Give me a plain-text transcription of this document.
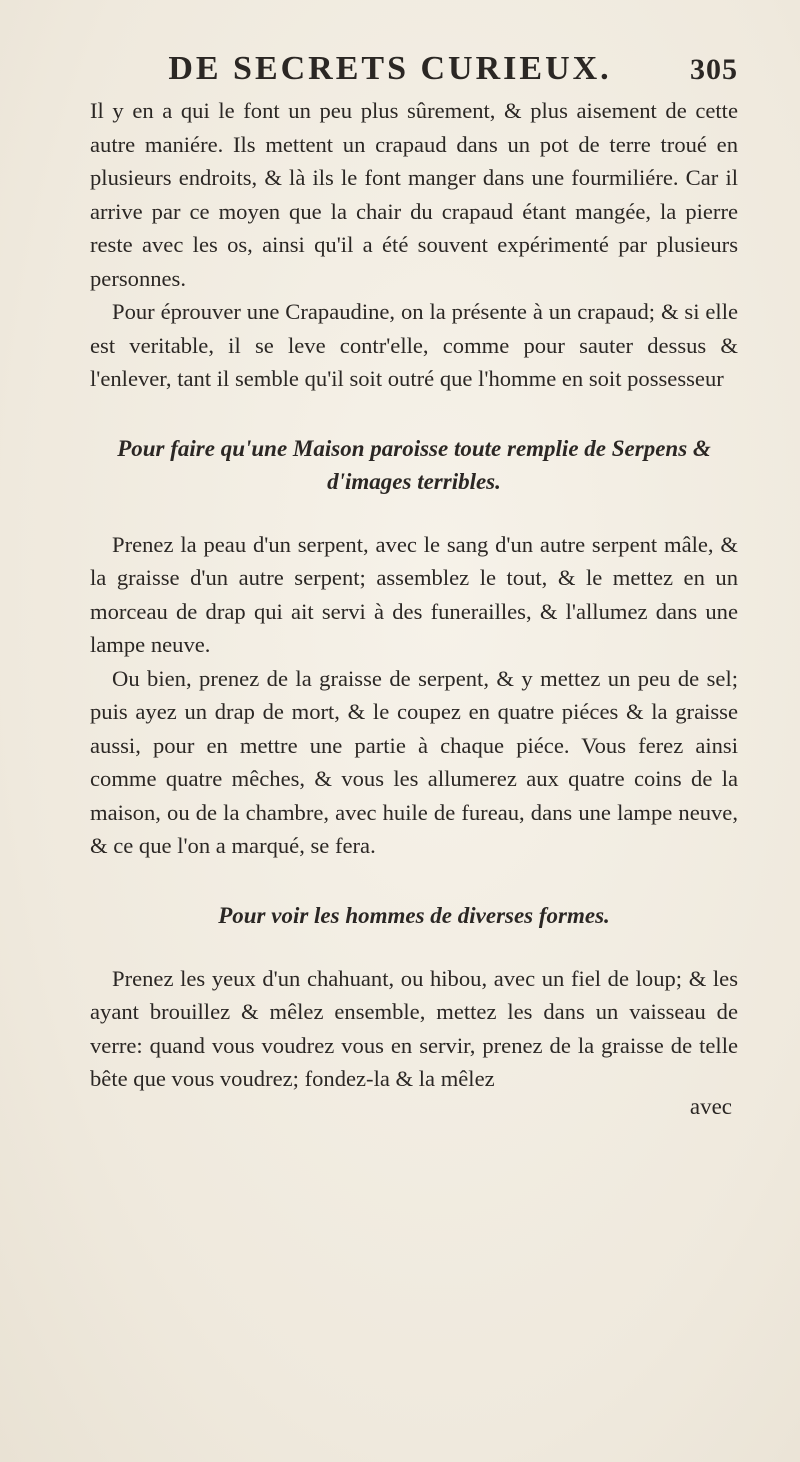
DE SECRETS CURIEUX.	305

Il y en a qui le font un peu plus sûrement, & plus aisement de cette autre maniére. Ils mettent un crapaud dans un pot de terre troué en plusieurs endroits, & là ils le font manger dans une fourmiliére. Car il arrive par ce moyen que la chair du crapaud étant mangée, la pierre reste avec les os, ainsi qu'il a été souvent expérimenté par plusieurs personnes.

Pour éprouver une Crapaudine, on la présente à un crapaud; & si elle est veritable, il se leve contr'elle, comme pour sauter dessus & l'enlever, tant il semble qu'il soit outré que l'homme en soit possesseur

Pour faire qu'une Maison paroisse toute remplie de Serpens & d'images terribles.

Prenez la peau d'un serpent, avec le sang d'un autre serpent mâle, & la graisse d'un autre serpent; assemblez le tout, & le mettez en un morceau de drap qui ait servi à des funerailles, & l'allumez dans une lampe neuve.

Ou bien, prenez de la graisse de serpent, & y mettez un peu de sel; puis ayez un drap de mort, & le coupez en quatre piéces & la graisse aussi, pour en mettre une partie à chaque piéce. Vous ferez ainsi comme quatre mêches, & vous les allumerez aux quatre coins de la maison, ou de la chambre, avec huile de fureau, dans une lampe neuve, & ce que l'on a marqué, se fera.

Pour voir les hommes de diverses formes.

Prenez les yeux d'un chahuant, ou hibou, avec un fiel de loup; & les ayant brouillez & mêlez ensemble, mettez les dans un vaisseau de verre: quand vous voudrez vous en servir, prenez de la graisse de telle bête que vous voudrez; fondez-la & la mêlez

avec
